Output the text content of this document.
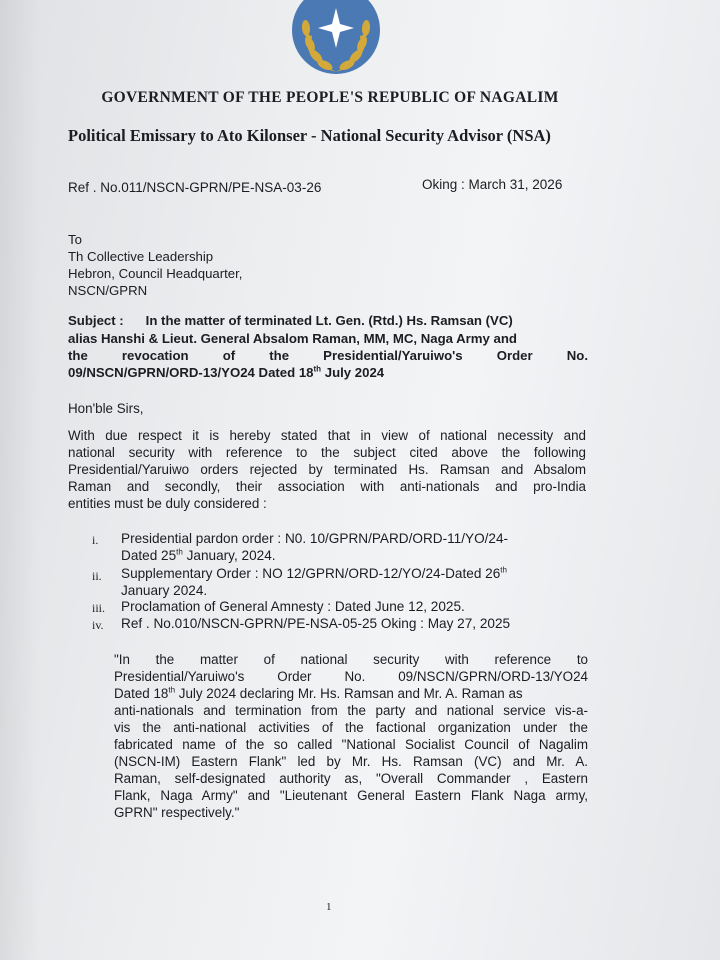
GOVERNMENT OF THE PEOPLE'S REPUBLIC OF NAGALIM
Political Emissary to Ato Kilonser - National Security Advisor (NSA)
Ref . No.011/NSCN-GPRN/PE-NSA-03-26	Oking : March 31, 2026
To
Th Collective Leadership
Hebron, Council Headquarter,
NSCN/GPRN
Subject : In the matter of terminated Lt. Gen. (Rtd.) Hs. Ramsan (VC)
alias Hanshi & Lieut. General Absalom Raman, MM, MC, Naga Army and
the revocation of the Presidential/Yaruiwo's Order No.
09/NSCN/GPRN/ORD-13/YO24 Dated 18th July 2024
Hon'ble Sirs,
With due respect it is hereby stated that in view of national necessity and
national security with reference to the subject cited above the following
Presidential/Yaruiwo orders rejected by terminated Hs. Ramsan and Absalom
Raman and secondly, their association with anti-nationals and pro-India
entities must be duly considered :
i. Presidential pardon order : N0. 10/GPRN/PARD/ORD-11/YO/24-
Dated 25th January, 2024.
ii. Supplementary Order : NO 12/GPRN/ORD-12/YO/24-Dated 26th
January 2024.
iii. Proclamation of General Amnesty : Dated June 12, 2025.
iv. Ref . No.010/NSCN-GPRN/PE-NSA-05-25 Oking : May 27, 2025
"In the matter of national security with reference to
Presidential/Yaruiwo's Order No. 09/NSCN/GPRN/ORD-13/YO24
Dated 18th July 2024 declaring Mr. Hs. Ramsan and Mr. A. Raman as
anti-nationals and termination from the party and national service vis-a-
vis the anti-national activities of the factional organization under the
fabricated name of the so called "National Socialist Council of Nagalim
(NSCN-IM) Eastern Flank" led by Mr. Hs. Ramsan (VC) and Mr. A.
Raman, self-designated authority as, "Overall Commander , Eastern
Flank, Naga Army" and "Lieutenant General Eastern Flank Naga army,
GPRN" respectively."
1
